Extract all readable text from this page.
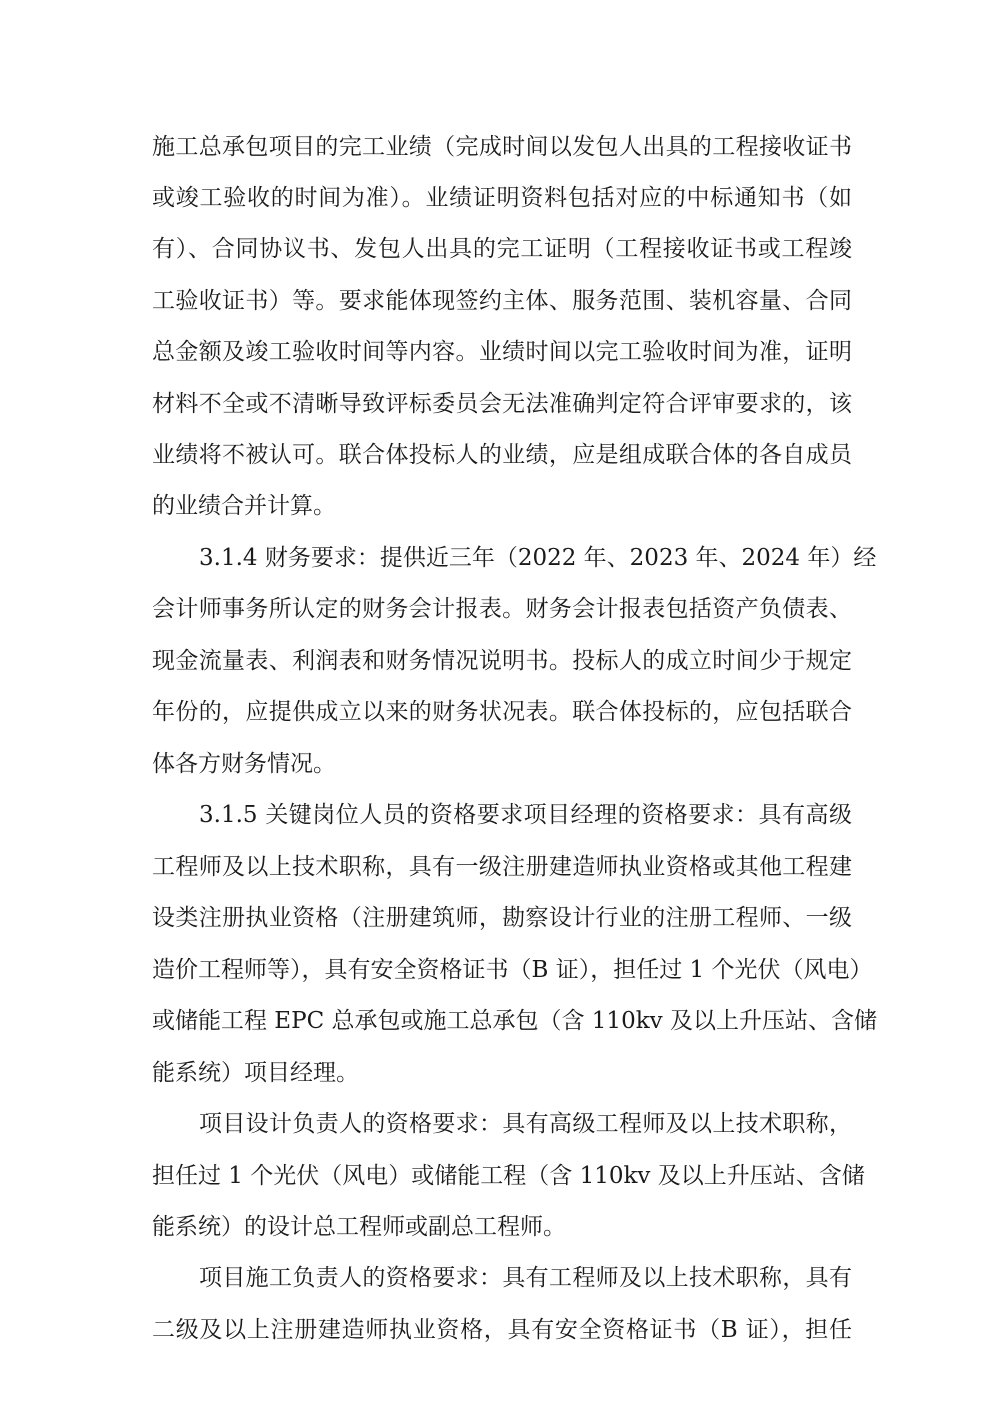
施工总承包项目的完工业绩（完成时间以发包人出具的工程接收证书
或竣工验收的时间为准）。业绩证明资料包括对应的中标通知书（如
有）、合同协议书、发包人出具的完工证明（工程接收证书或工程竣
工验收证书）等。要求能体现签约主体、服务范围、装机容量、合同
总金额及竣工验收时间等内容。业绩时间以完工验收时间为准，证明
材料不全或不清晰导致评标委员会无法准确判定符合评审要求的，该
业绩将不被认可。联合体投标人的业绩，应是组成联合体的各自成员
的业绩合并计算。
3.1.4 财务要求：提供近三年（2022 年、2023 年、2024 年）经
会计师事务所认定的财务会计报表。财务会计报表包括资产负债表、
现金流量表、利润表和财务情况说明书。投标人的成立时间少于规定
年份的，应提供成立以来的财务状况表。联合体投标的，应包括联合
体各方财务情况。
3.1.5 关键岗位人员的资格要求项目经理的资格要求：具有高级
工程师及以上技术职称，具有一级注册建造师执业资格或其他工程建
设类注册执业资格（注册建筑师，勘察设计行业的注册工程师、一级
造价工程师等），具有安全资格证书（B 证），担任过 1 个光伏（风电）
或储能工程 EPC 总承包或施工总承包（含 110kv 及以上升压站、含储
能系统）项目经理。
项目设计负责人的资格要求：具有高级工程师及以上技术职称，
担任过 1 个光伏（风电）或储能工程（含 110kv 及以上升压站、含储
能系统）的设计总工程师或副总工程师。
项目施工负责人的资格要求：具有工程师及以上技术职称，具有
二级及以上注册建造师执业资格，具有安全资格证书（B 证），担任
